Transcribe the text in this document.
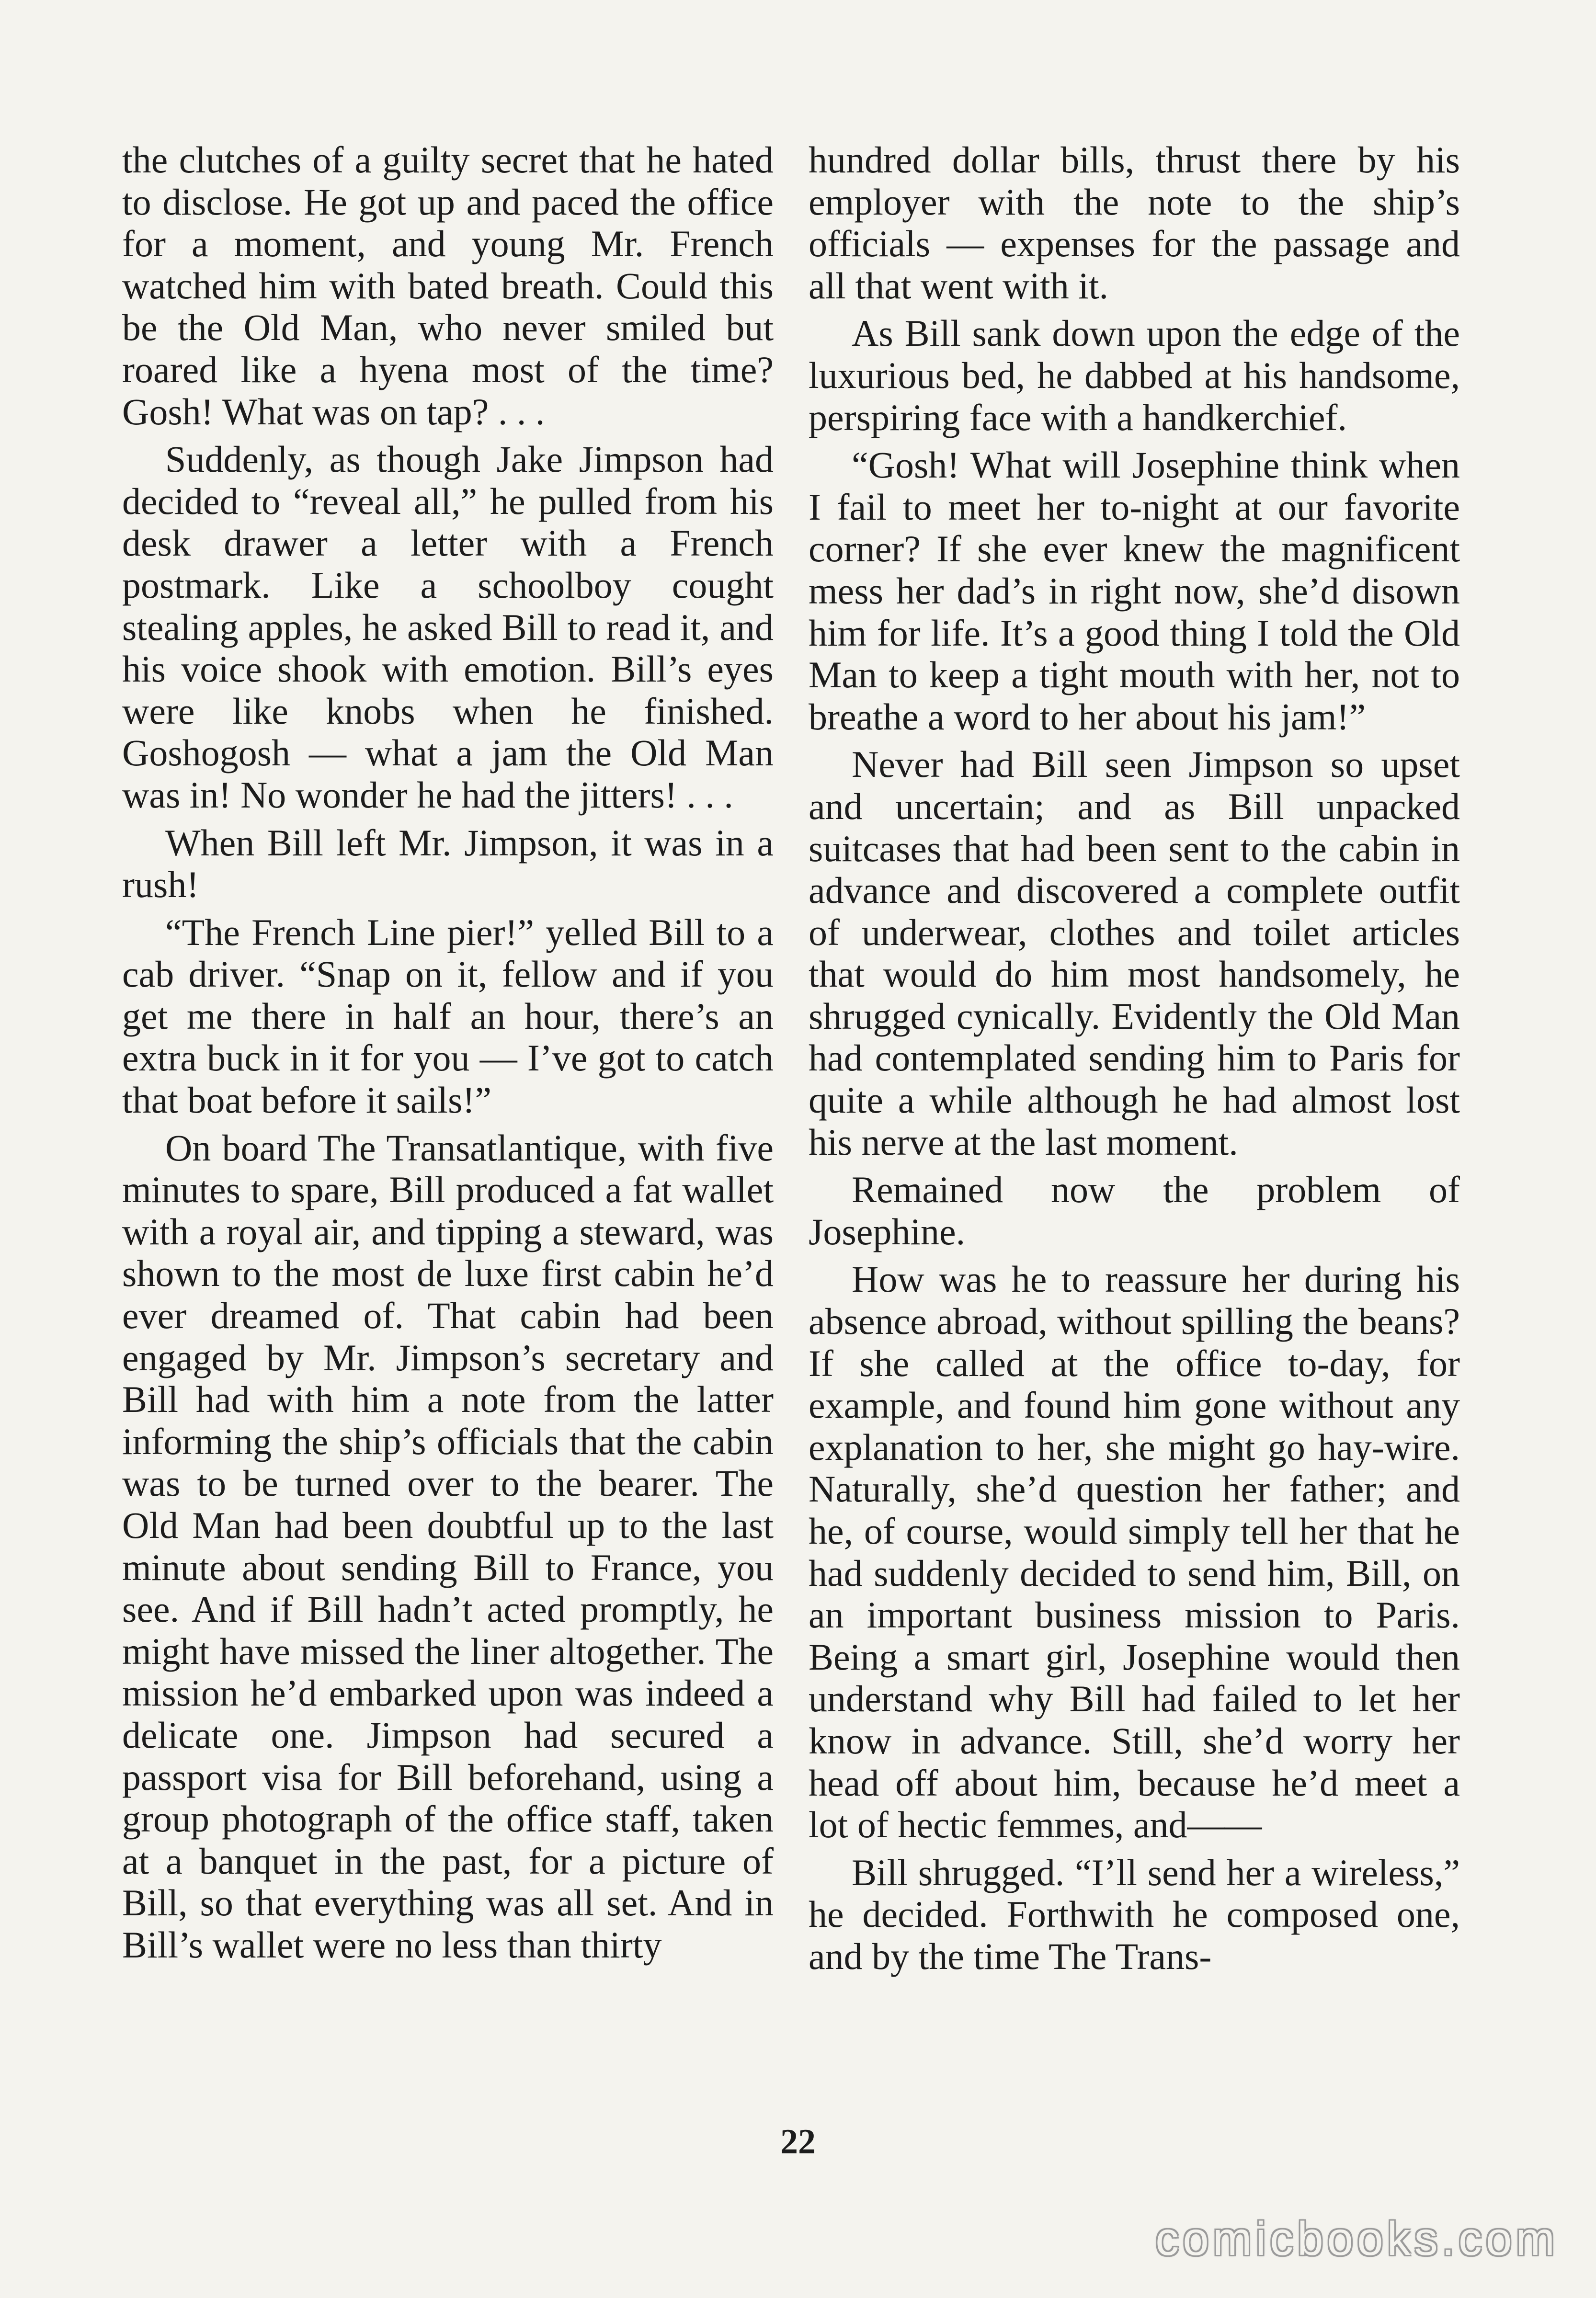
the clutches of a guilty secret that he hated to disclose. He got up and paced the office for a moment, and young Mr. French watched him with bated breath. Could this be the Old Man, who never smiled but roared like a hyena most of the time? Gosh! What was on tap? . . .

Suddenly, as though Jake Jimpson had decided to “reveal all,” he pulled from his desk drawer a letter with a French postmark. Like a schoolboy cought stealing apples, he asked Bill to read it, and his voice shook with emotion. Bill’s eyes were like knobs when he finished. Goshogosh — what a jam the Old Man was in! No wonder he had the jitters! . . .

When Bill left Mr. Jimpson, it was in a rush!

“The French Line pier!” yelled Bill to a cab driver. “Snap on it, fellow and if you get me there in half an hour, there’s an extra buck in it for you — I’ve got to catch that boat before it sails!”

On board The Transatlantique, with five minutes to spare, Bill produced a fat wallet with a royal air, and tipping a steward, was shown to the most de luxe first cabin he’d ever dreamed of. That cabin had been engaged by Mr. Jimpson’s secretary and Bill had with him a note from the latter informing the ship’s officials that the cabin was to be turned over to the bearer. The Old Man had been doubtful up to the last minute about sending Bill to France, you see. And if Bill hadn’t acted promptly, he might have missed the liner altogether. The mission he’d embarked upon was indeed a delicate one. Jimpson had secured a passport visa for Bill beforehand, using a group photograph of the office staff, taken at a banquet in the past, for a picture of Bill, so that everything was all set. And in Bill’s wallet were no less than thirty

hundred dollar bills, thrust there by his employer with the note to the ship’s officials — expenses for the passage and all that went with it.

As Bill sank down upon the edge of the luxurious bed, he dabbed at his handsome, perspiring face with a handkerchief.

“Gosh! What will Josephine think when I fail to meet her to-night at our favorite corner? If she ever knew the magnificent mess her dad’s in right now, she’d disown him for life. It’s a good thing I told the Old Man to keep a tight mouth with her, not to breathe a word to her about his jam!”

Never had Bill seen Jimpson so upset and uncertain; and as Bill unpacked suitcases that had been sent to the cabin in advance and discovered a complete outfit of underwear, clothes and toilet articles that would do him most handsomely, he shrugged cynically. Evidently the Old Man had contemplated sending him to Paris for quite a while although he had almost lost his nerve at the last moment.

Remained now the problem of Josephine.

How was he to reassure her during his absence abroad, without spilling the beans? If she called at the office to-day, for example, and found him gone without any explanation to her, she might go hay-wire. Naturally, she’d question her father; and he, of course, would simply tell her that he had suddenly decided to send him, Bill, on an important business mission to Paris. Being a smart girl, Josephine would then understand why Bill had failed to let her know in advance. Still, she’d worry her head off about him, because he’d meet a lot of hectic femmes, and——

Bill shrugged. “I’ll send her a wireless,” he decided. Forthwith he composed one, and by the time The Trans-

22
comicbooks.com
